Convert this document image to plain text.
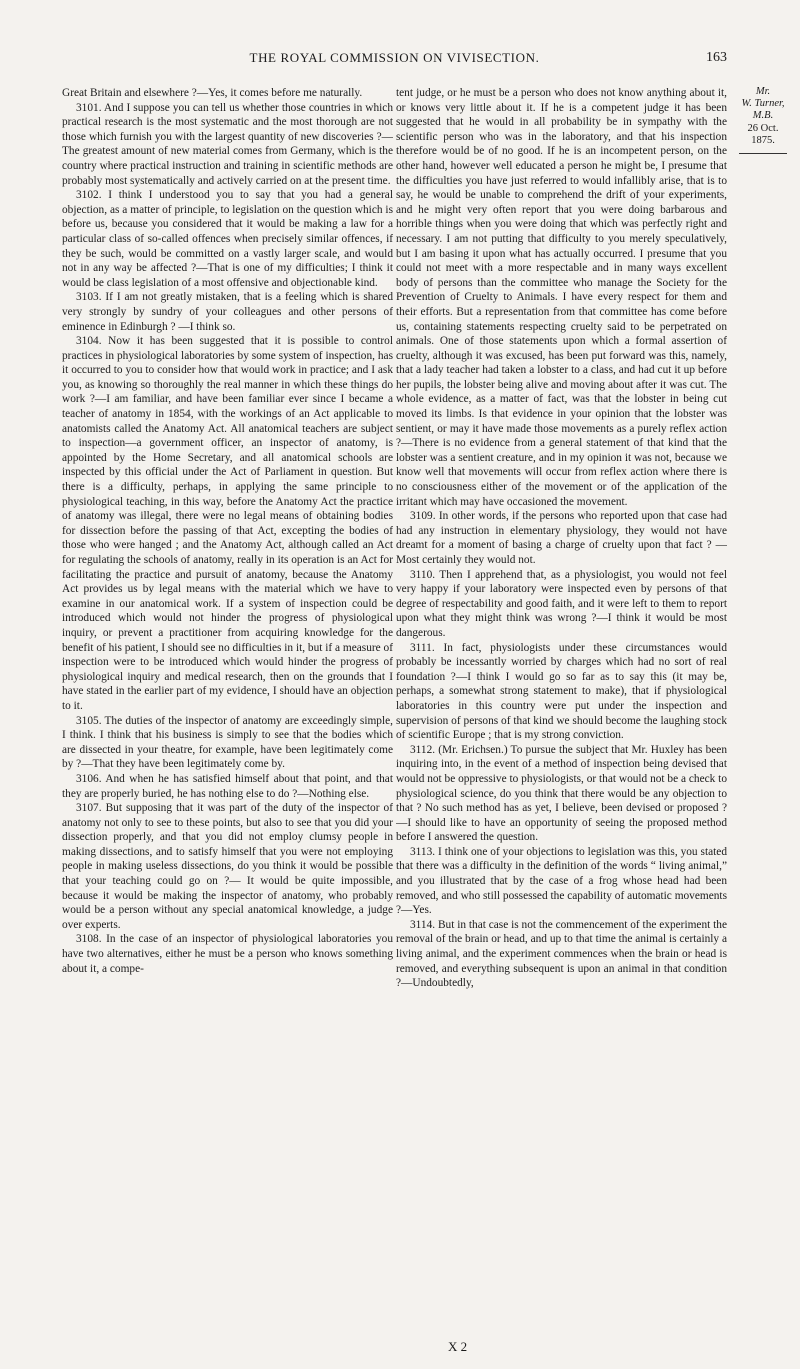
THE ROYAL COMMISSION ON VIVISECTION.	163

Great Britain and elsewhere ?—Yes, it comes before me naturally.

3101. And I suppose you can tell us whether those countries in which practical research is the most systematic and the most thorough are not those which furnish you with the largest quantity of new discoveries ?—The greatest amount of new material comes from Germany, which is the country where practical instruction and training in scientific methods are probably most systematically and actively carried on at the present time.

3102. I think I understood you to say that you had a general objection, as a matter of principle, to legislation on the question which is before us, because you considered that it would be making a law for a particular class of so-called offences when precisely similar offences, if they be such, would be committed on a vastly larger scale, and would not in any way be affected ?—That is one of my difficulties; I think it would be class legislation of a most offensive and objectionable kind.

3103. If I am not greatly mistaken, that is a feeling which is shared very strongly by sundry of your colleagues and other persons of eminence in Edinburgh ? —I think so.

3104. Now it has been suggested that it is possible to control practices in physiological laboratories by some system of inspection, has it occurred to you to consider how that would work in practice; and I ask you, as knowing so thoroughly the real manner in which these things do work ?—I am familiar, and have been familiar ever since I became a teacher of anatomy in 1854, with the workings of an Act applicable to anatomists called the Anatomy Act. All anatomical teachers are subject to inspection—a government officer, an inspector of anatomy, is appointed by the Home Secretary, and all anatomical schools are inspected by this official under the Act of Parliament in question. But there is a difficulty, perhaps, in applying the same principle to physiological teaching, in this way, before the Anatomy Act the practice of anatomy was illegal, there were no legal means of obtaining bodies for dissection before the passing of that Act, excepting the bodies of those who were hanged ; and the Anatomy Act, although called an Act for regulating the schools of anatomy, really in its operation is an Act for facilitating the practice and pursuit of anatomy, because the Anatomy Act provides us by legal means with the material which we have to examine in our anatomical work. If a system of inspection could be introduced which would not hinder the progress of physiological inquiry, or prevent a practitioner from acquiring knowledge for the benefit of his patient, I should see no difficulties in it, but if a measure of inspection were to be introduced which would hinder the progress of physiological inquiry and medical research, then on the grounds that I have stated in the earlier part of my evidence, I should have an objection to it.

3105. The duties of the inspector of anatomy are exceedingly simple, I think. I think that his business is simply to see that the bodies which are dissected in your theatre, for example, have been legitimately come by ?—That they have been legitimately come by.

3106. And when he has satisfied himself about that point, and that they are properly buried, he has nothing else to do ?—Nothing else.

3107. But supposing that it was part of the duty of the inspector of anatomy not only to see to these points, but also to see that you did your dissection properly, and that you did not employ clumsy people in making dissections, and to satisfy himself that you were not employing people in making useless dissections, do you think it would be possible that your teaching could go on ?— It would be quite impossible, because it would be making the inspector of anatomy, who probably would be a person without any special anatomical knowledge, a judge over experts.

3108. In the case of an inspector of physiological laboratories you have two alternatives, either he must be a person who knows something about it, a compe-

tent judge, or he must be a person who does not know anything about it, or knows very little about it. If he is a competent judge it has been suggested that he would in all probability be in sympathy with the scientific person who was in the laboratory, and that his inspection therefore would be of no good. If he is an incompetent person, on the other hand, however well educated a person he might be, I presume that the difficulties you have just referred to would infallibly arise, that is to say, he would be unable to comprehend the drift of your experiments, and he might very often report that you were doing barbarous and horrible things when you were doing that which was perfectly right and necessary. I am not putting that difficulty to you merely speculatively, but I am basing it upon what has actually occurred. I presume that you could not meet with a more respectable and in many ways excellent body of persons than the committee who manage the Society for the Prevention of Cruelty to Animals. I have every respect for them and their efforts. But a representation from that committee has come before us, containing statements respecting cruelty said to be perpetrated on animals. One of those statements upon which a formal assertion of cruelty, although it was excused, has been put forward was this, namely, that a lady teacher had taken a lobster to a class, and had cut it up before her pupils, the lobster being alive and moving about after it was cut. The whole evidence, as a matter of fact, was that the lobster in being cut moved its limbs. Is that evidence in your opinion that the lobster was sentient, or may it have made those movements as a purely reflex action ?—There is no evidence from a general statement of that kind that the lobster was a sentient creature, and in my opinion it was not, because we know well that movements will occur from reflex action where there is no consciousness either of the movement or of the application of the irritant which may have occasioned the movement.

3109. In other words, if the persons who reported upon that case had had any instruction in elementary physiology, they would not have dreamt for a moment of basing a charge of cruelty upon that fact ? —Most certainly they would not.

3110. Then I apprehend that, as a physiologist, you would not feel very happy if your laboratory were inspected even by persons of that degree of respectability and good faith, and it were left to them to report upon what they might think was wrong ?—I think it would be most dangerous.

3111. In fact, physiologists under these circumstances would probably be incessantly worried by charges which had no sort of real foundation ?—I think I would go so far as to say this (it may be, perhaps, a somewhat strong statement to make), that if physiological laboratories in this country were put under the inspection and supervision of persons of that kind we should become the laughing stock of scientific Europe ; that is my strong conviction.

3112. (Mr. Erichsen.) To pursue the subject that Mr. Huxley has been inquiring into, in the event of a method of inspection being devised that would not be oppressive to physiologists, or that would not be a check to physiological science, do you think that there would be any objection to that ? No such method has as yet, I believe, been devised or proposed ?—I should like to have an opportunity of seeing the proposed method before I answered the question.

3113. I think one of your objections to legislation was this, you stated that there was a difficulty in the definition of the words “ living animal,” and you illustrated that by the case of a frog whose head had been removed, and who still possessed the capability of automatic movements ?—Yes.

3114. But in that case is not the commencement of the experiment the removal of the brain or head, and up to that time the animal is certainly a living animal, and the experiment commences when the brain or head is removed, and everything subsequent is upon an animal in that condition ?—Undoubtedly,

Mr.
W. Turner,
M.B.
26 Oct. 1875.
X 2
